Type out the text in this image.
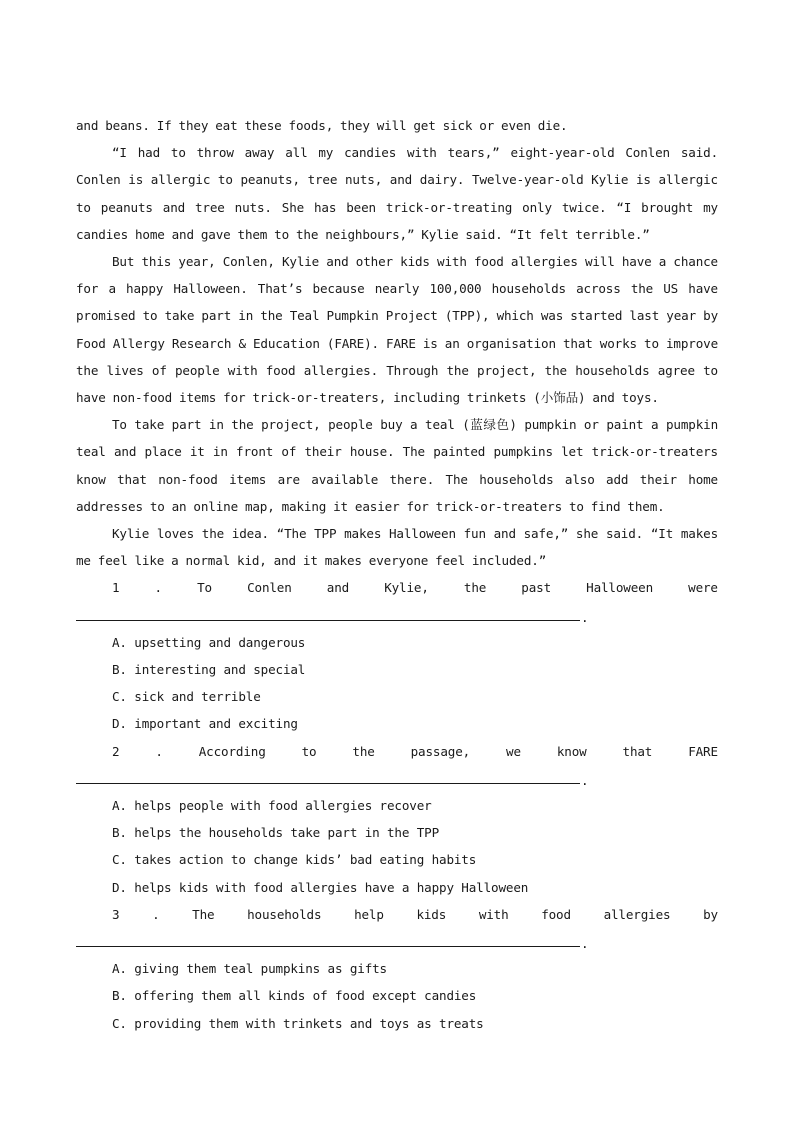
and beans. If they eat these foods, they will get sick or even die.

“I had to throw away all my candies with tears,” eight-year-old Conlen said. Conlen is allergic to peanuts, tree nuts, and dairy. Twelve-year-old Kylie is allergic to peanuts and tree nuts. She has been trick-or-treating only twice. “I brought my candies home and gave them to the neighbours,” Kylie said. “It felt terrible.”

But this year, Conlen, Kylie and other kids with food allergies will have a chance for a happy Halloween. That’s because nearly 100,000 households across the US have promised to take part in the Teal Pumpkin Project (TPP), which was started last year by Food Allergy Research & Education (FARE). FARE is an organisation that works to improve the lives of people with food allergies. Through the project, the households agree to have non-food items for trick-or-treaters, including trinkets (小饰品) and toys.

To take part in the project, people buy a teal (蓝绿色) pumpkin or paint a pumpkin teal and place it in front of their house. The painted pumpkins let trick-or-treaters know that non-food items are available there. The households also add their home addresses to an online map, making it easier for trick-or-treaters to find them.

Kylie loves the idea. “The TPP makes Halloween fun and safe,” she said. “It makes me feel like a normal kid, and it makes everyone feel included.”

1	.	To	Conlen	and	Kylie,	the	past	Halloween	were
.

A. upsetting and dangerous

B. interesting and special

C. sick and terrible

D. important and exciting

2	.	According	to	the	passage,	we	know	that	FARE
.

A. helps people with food allergies recover

B. helps the households take part in the TPP

C. takes action to change kids’ bad eating habits

D. helps kids with food allergies have a happy Halloween

3	.	The	households	help	kids	with	food	allergies	by
.

A. giving them teal pumpkins as gifts

B. offering them all kinds of food except candies

C. providing them with trinkets and toys as treats
